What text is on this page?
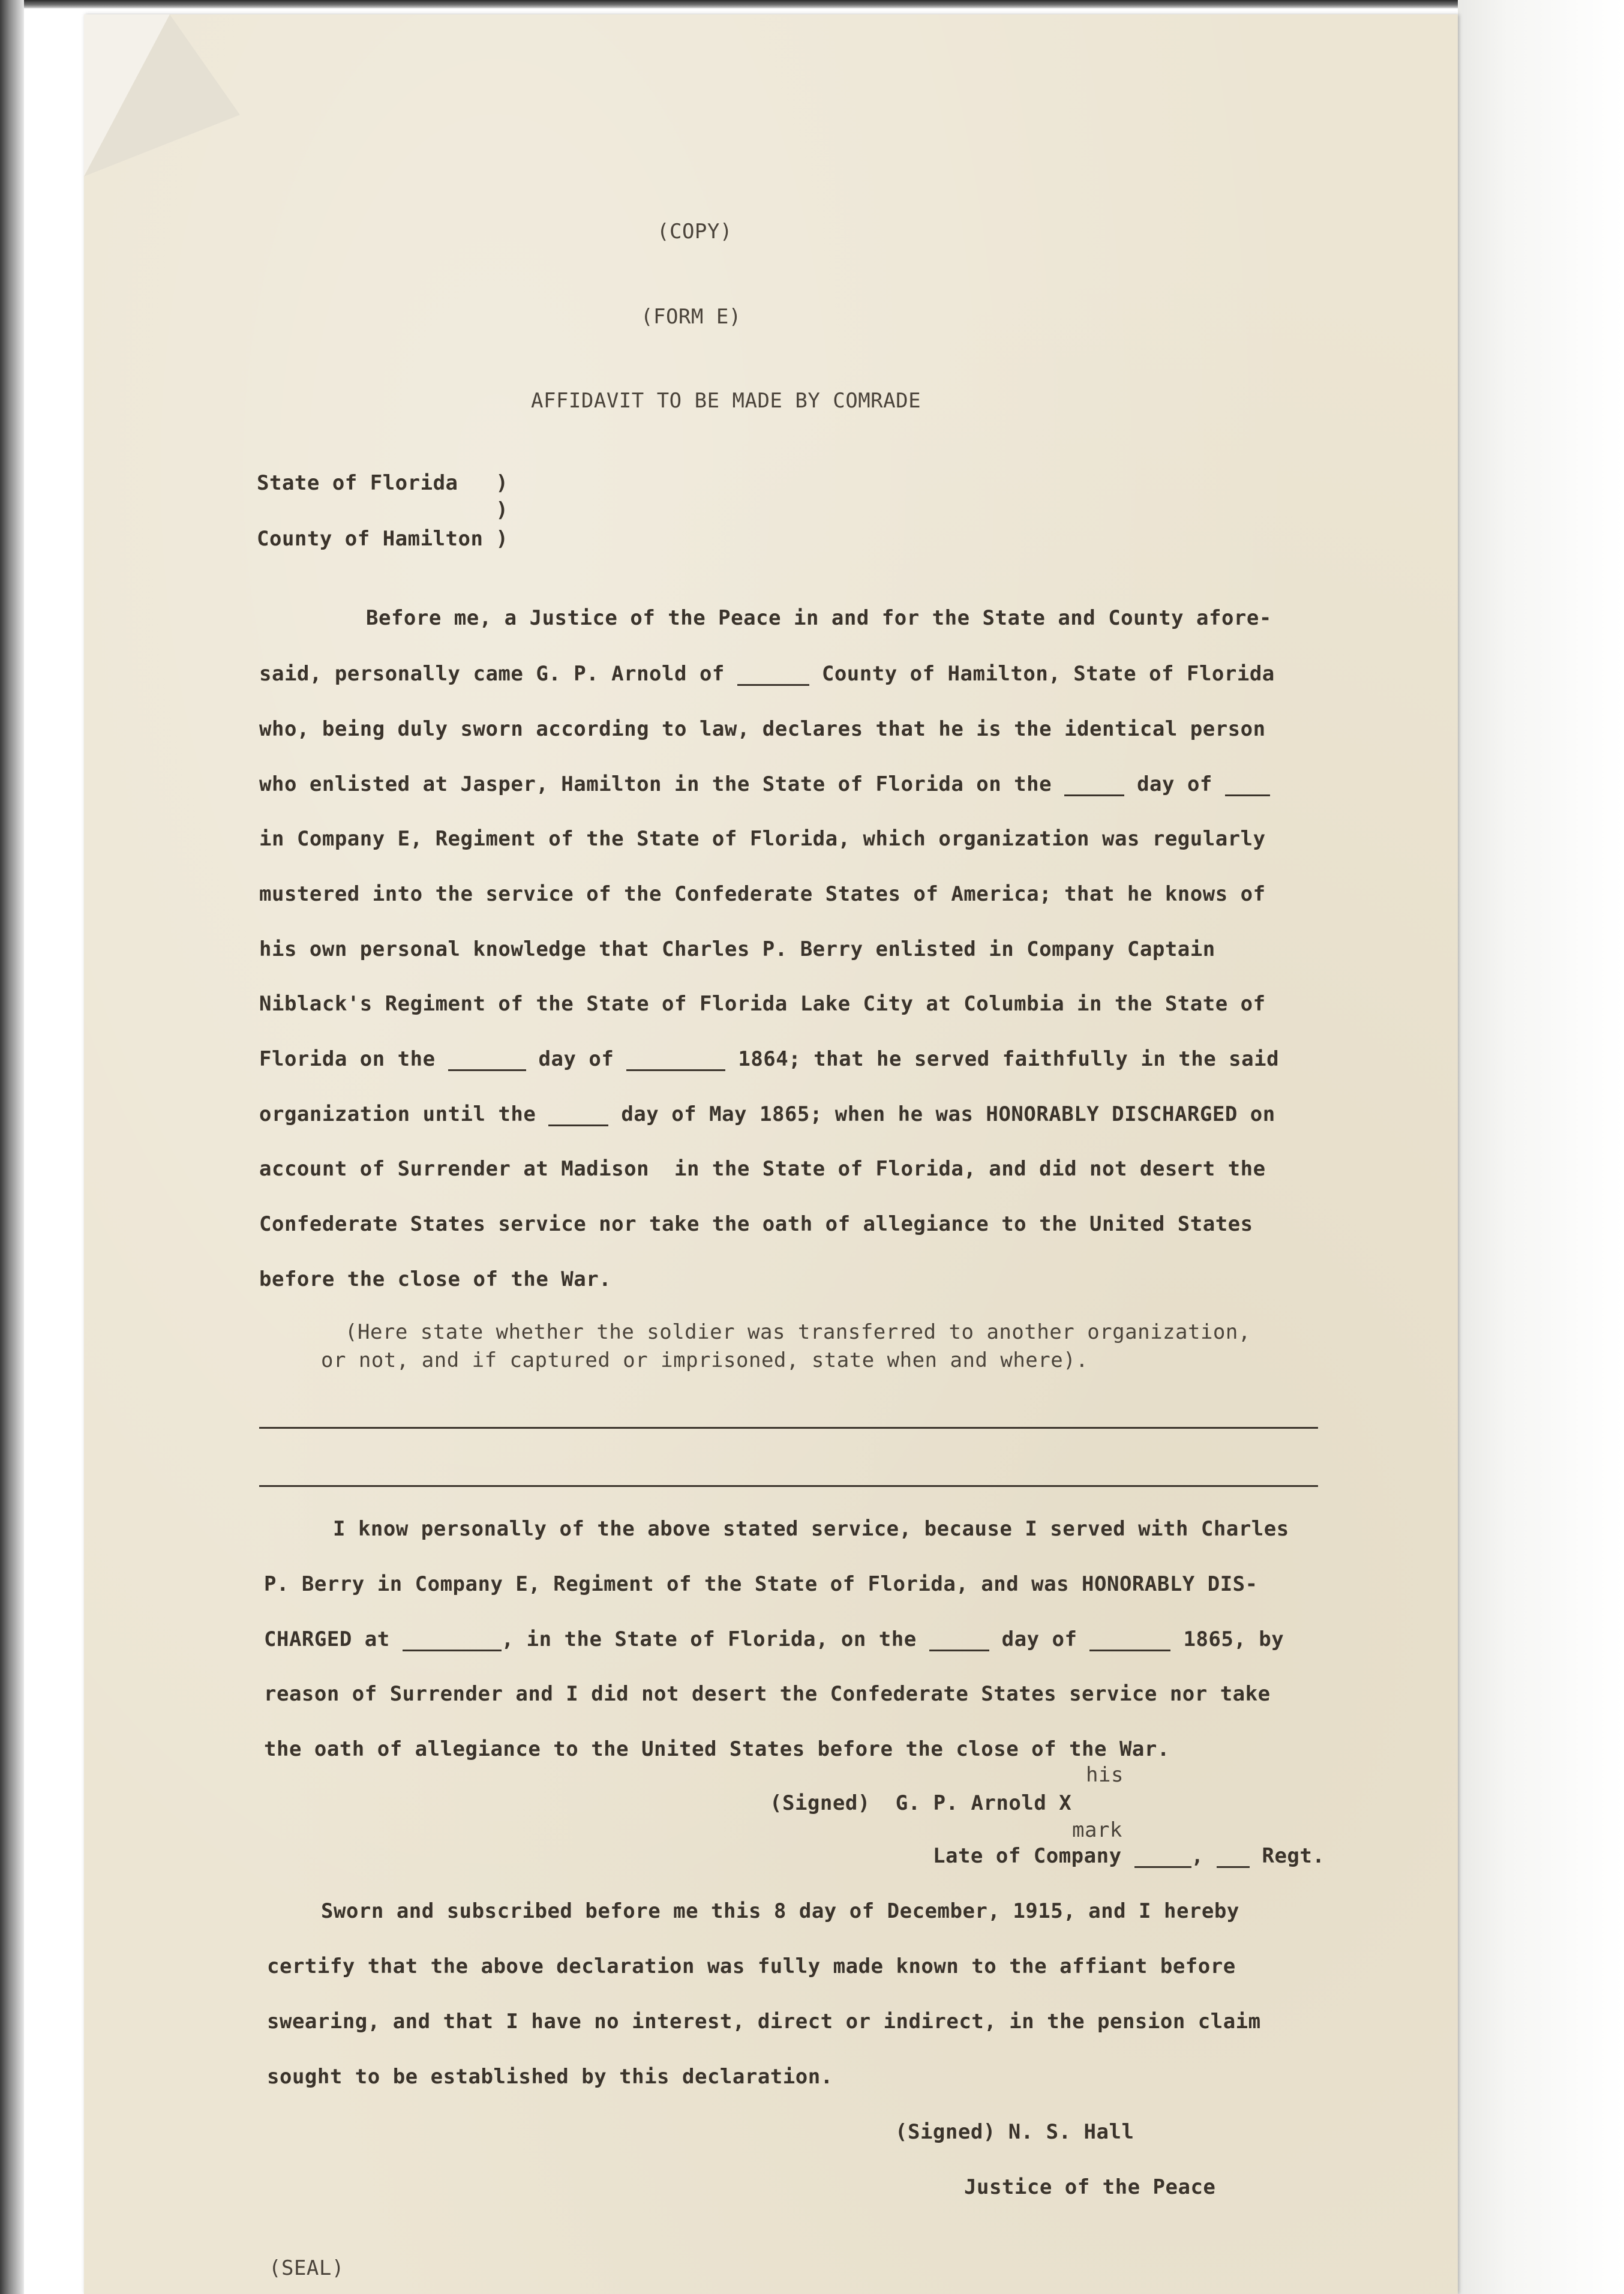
(COPY)
(FORM E)
AFFIDAVIT TO BE MADE BY COMRADE
State of Florida   )
)
County of Hamilton )
Before me, a Justice of the Peace in and for the State and County afore-
said, personally came G. P. Arnold of	County of Hamilton, State of Florida
who, being duly sworn according to law, declares that he is the identical person
who enlisted at Jasper, Hamilton in the State of Florida on the	day of
in Company E, Regiment of the State of Florida, which organization was regularly
mustered into the service of the Confederate States of America; that he knows of
his own personal knowledge that Charles P. Berry enlisted in Company Captain
Niblack's Regiment of the State of Florida Lake City at Columbia in the State of
Florida on the	day of	1864; that he served faithfully in the said
organization until the	day of May 1865; when he was HONORABLY DISCHARGED on
account of Surrender at Madison  in the State of Florida, and did not desert the
Confederate States service nor take the oath of allegiance to the United States
before the close of the War.
(Here state whether the soldier was transferred to another organization,
or not, and if captured or imprisoned, state when and where).
I know personally of the above stated service, because I served with Charles
P. Berry in Company E, Regiment of the State of Florida, and was HONORABLY DIS-
CHARGED at	, in the State of Florida, on the	day of	1865, by
reason of Surrender and I did not desert the Confederate States service nor take
the oath of allegiance to the United States before the close of the War.
his
(Signed)  G. P. Arnold X
mark
Late of Company	,	Regt.
Sworn and subscribed before me this 8 day of December, 1915, and I hereby
certify that the above declaration was fully made known to the affiant before
swearing, and that I have no interest, direct or indirect, in the pension claim
sought to be established by this declaration.
(Signed) N. S. Hall
Justice of the Peace
(SEAL)
